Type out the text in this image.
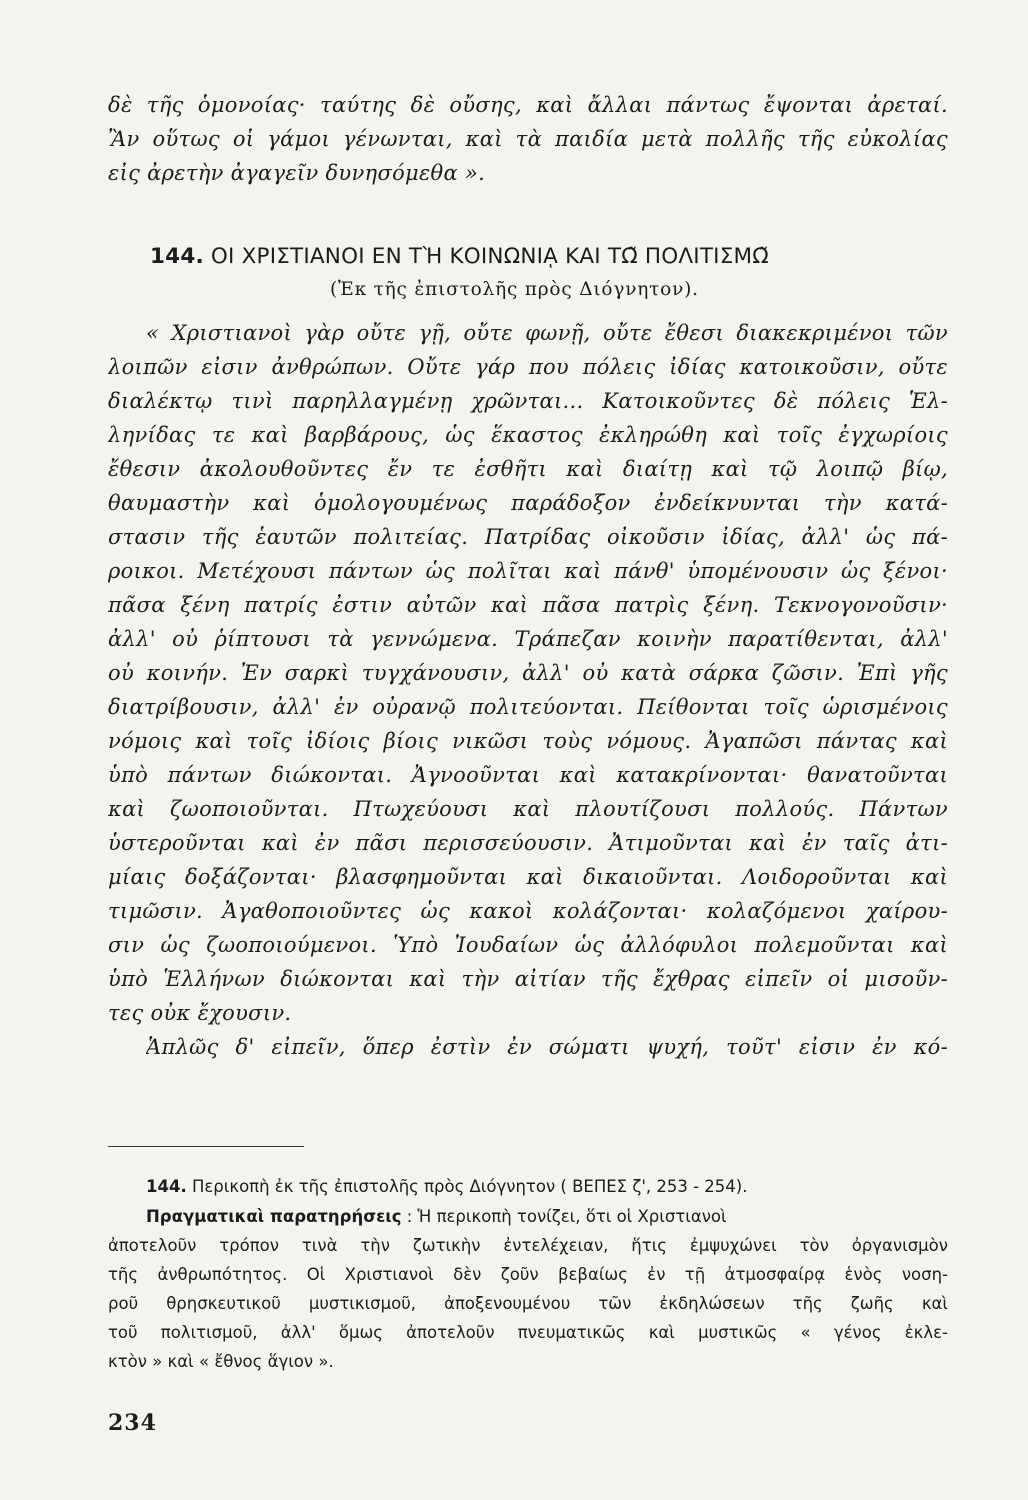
δὲ τῆς ὁμονοίας· ταύτης δὲ οὔσης, καὶ ἄλλαι πάντως ἔψονται ἀρεταί.
Ἂν οὕτως οἱ γάμοι γένωνται, καὶ τὰ παιδία μετὰ πολλῆς τῆς εὐκολίας
εἰς ἀρετὴν ἀγαγεῖν δυνησόμεθα ».
144. ΟΙ ΧΡΙΣΤΙΑΝΟΙ ΕΝ ΤῊ ΚΟΙΝΩΝΙᾼ ΚΑΙ ΤΩ͂ ΠΟΛΙΤΙΣΜΩ͂
(Ἐκ τῆς ἐπιστολῆς πρὸς Διόγνητον).
« Χριστιανοὶ γὰρ οὔτε γῇ, οὔτε φωνῇ, οὔτε ἔθεσι διακεκριμένοι τῶν
λοιπῶν εἰσιν ἀνθρώπων. Οὔτε γάρ που πόλεις ἰδίας κατοικοῦσιν, οὔτε
διαλέκτῳ τινὶ παρηλλαγμένῃ χρῶνται... Κατοικοῦντες δὲ πόλεις Ἑλ-
ληνίδας τε καὶ βαρβάρους, ὡς ἕκαστος ἐκληρώθη καὶ τοῖς ἐγχωρίοις
ἔθεσιν ἀκολουθοῦντες ἔν τε ἐσθῆτι καὶ διαίτῃ καὶ τῷ λοιπῷ βίῳ,
θαυμαστὴν καὶ ὁμολογουμένως παράδοξον ἐνδείκνυνται τὴν κατά-
στασιν τῆς ἑαυτῶν πολιτείας. Πατρίδας οἰκοῦσιν ἰδίας, ἀλλ' ὡς πά-
ροικοι. Μετέχουσι πάντων ὡς πολῖται καὶ πάνθ' ὑπομένουσιν ὡς ξένοι·
πᾶσα ξένη πατρίς ἐστιν αὐτῶν καὶ πᾶσα πατρὶς ξένη. Τεκνογονοῦσιν·
ἀλλ' οὐ ῥίπτουσι τὰ γεννώμενα. Τράπεζαν κοινὴν παρατίθενται, ἀλλ'
οὐ κοινήν. Ἐν σαρκὶ τυγχάνουσιν, ἀλλ' οὐ κατὰ σάρκα ζῶσιν. Ἐπὶ γῆς
διατρίβουσιν, ἀλλ' ἐν οὐρανῷ πολιτεύονται. Πείθονται τοῖς ὡρισμένοις
νόμοις καὶ τοῖς ἰδίοις βίοις νικῶσι τοὺς νόμους. Ἀγαπῶσι πάντας καὶ
ὑπὸ πάντων διώκονται. Ἀγνοοῦνται καὶ κατακρίνονται· θανατοῦνται
καὶ ζωοποιοῦνται. Πτωχεύουσι καὶ πλουτίζουσι πολλούς. Πάντων
ὑστεροῦνται καὶ ἐν πᾶσι περισσεύουσιν. Ἀτιμοῦνται καὶ ἐν ταῖς ἀτι-
μίαις δοξάζονται· βλασφημοῦνται καὶ δικαιοῦνται. Λοιδοροῦνται καὶ
τιμῶσιν. Ἀγαθοποιοῦντες ὡς κακοὶ κολάζονται· κολαζόμενοι χαίρου-
σιν ὡς ζωοποιούμενοι. Ὑπὸ Ἰουδαίων ὡς ἀλλόφυλοι πολεμοῦνται καὶ
ὑπὸ Ἑλλήνων διώκονται καὶ τὴν αἰτίαν τῆς ἔχθρας εἰπεῖν οἱ μισοῦν-
τες οὐκ ἔχουσιν.
Ἁπλῶς δ' εἰπεῖν, ὅπερ ἐστὶν ἐν σώματι ψυχή, τοῦτ' εἰσιν ἐν κό-
144. Περικοπὴ ἐκ τῆς ἐπιστολῆς πρὸς Διόγνητον ( ΒΕΠΕΣ ζ', 253 - 254).
Πραγματικαὶ παρατηρήσεις : Ἡ περικοπὴ τονίζει, ὅτι οἱ Χριστιανοὶ
ἀποτελοῦν τρόπον τινὰ τὴν ζωτικὴν ἐντελέχειαν, ἥτις ἐμψυχώνει τὸν ὀργανισμὸν
τῆς ἀνθρωπότητος. Οἱ Χριστιανοὶ δὲν ζοῦν βεβαίως ἐν τῇ ἀτμοσφαίρᾳ ἑνὸς νοση-
ροῦ θρησκευτικοῦ μυστικισμοῦ, ἀποξενουμένου τῶν ἐκδηλώσεων τῆς ζωῆς καὶ
τοῦ πολιτισμοῦ, ἀλλ' ὅμως ἀποτελοῦν πνευματικῶς καὶ μυστικῶς « γένος ἐκλε-
κτὸν » καὶ « ἔθνος ἅγιον ».
234
